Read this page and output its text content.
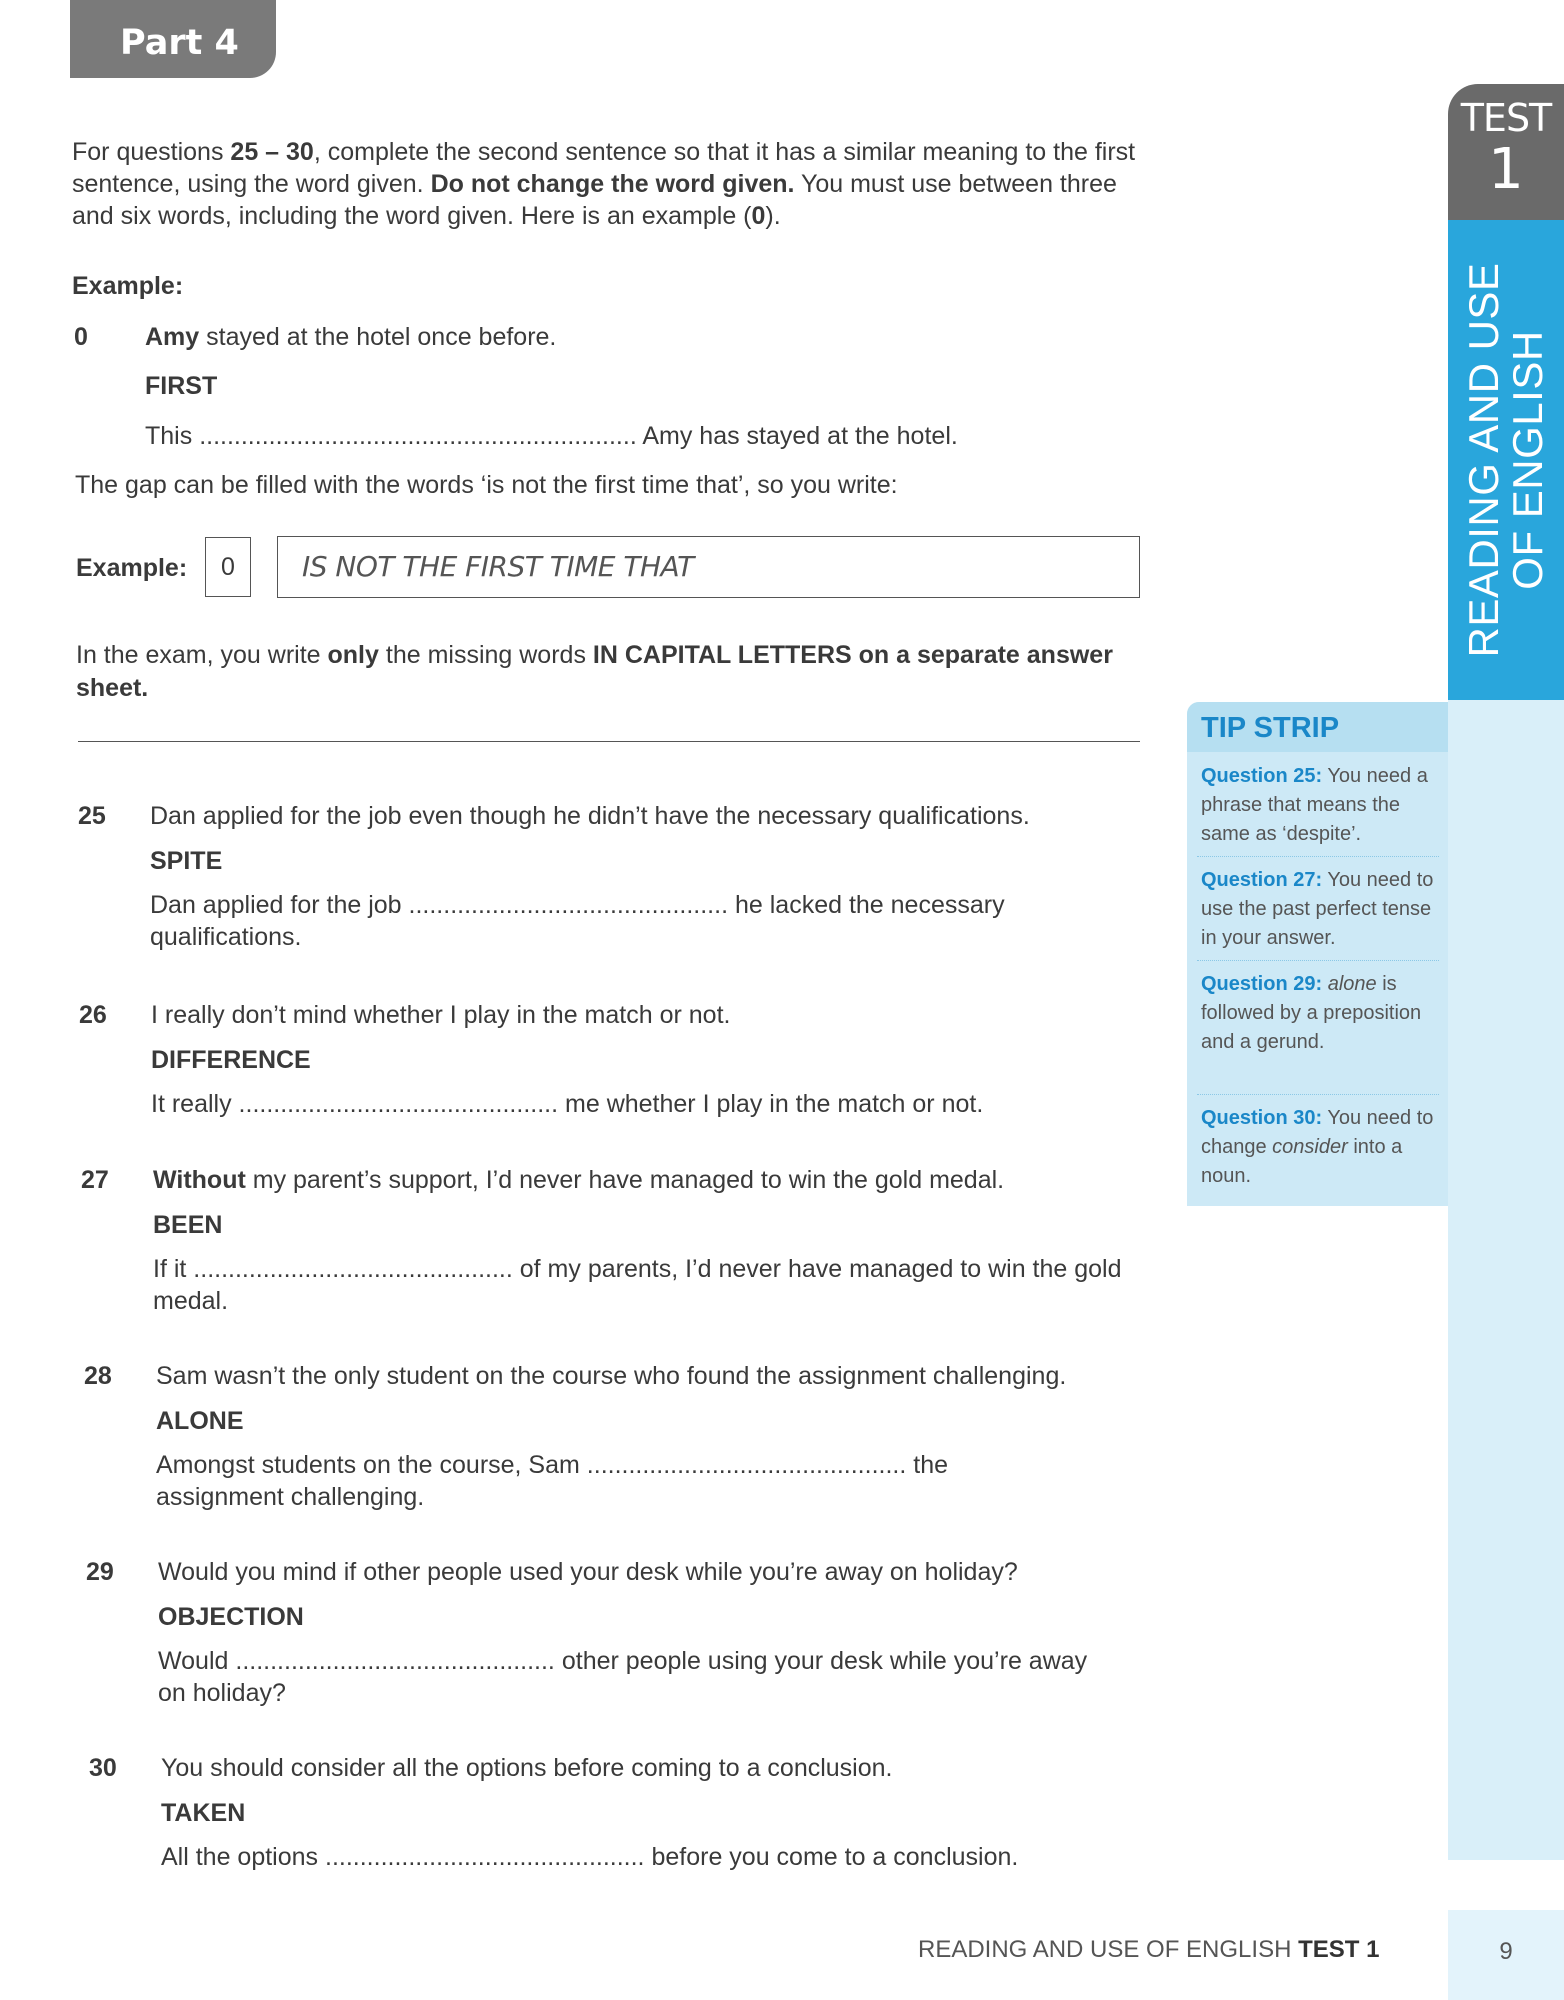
Part 4
For questions 25 – 30, complete the second sentence so that it has a similar meaning to the first sentence, using the word given. Do not change the word given. You must use between three and six words, including the word given. Here is an example (0).
Example:
0 Amy stayed at the hotel once before.
FIRST
This ............................................................... Amy has stayed at the hotel.
The gap can be filled with the words ‘is not the first time that’, so you write:
Example:	0	IS NOT THE FIRST TIME THAT
In the exam, you write only the missing words IN CAPITAL LETTERS on a separate answer sheet.
25 Dan applied for the job even though he didn’t have the necessary qualifications.
SPITE
Dan applied for the job .............................................. he lacked the necessary qualifications.
26 I really don’t mind whether I play in the match or not.
DIFFERENCE
It really .............................................. me whether I play in the match or not.
27 Without my parent’s support, I’d never have managed to win the gold medal.
BEEN
If it .............................................. of my parents, I’d never have managed to win the gold medal.
28 Sam wasn’t the only student on the course who found the assignment challenging.
ALONE
Amongst students on the course, Sam .............................................. the assignment challenging.
29 Would you mind if other people used your desk while you’re away on holiday?
OBJECTION
Would .............................................. other people using your desk while you’re away on holiday?
30 You should consider all the options before coming to a conclusion.
TAKEN
All the options .............................................. before you come to a conclusion.
TEST
1
READING AND USE
OF ENGLISH
TIP STRIP
Question 25: You need a phrase that means the same as ‘despite’.
Question 27: You need to use the past perfect tense in your answer.
Question 29: alone is followed by a preposition and a gerund.
Question 30: You need to change consider into a noun.
READING AND USE OF ENGLISH TEST 1	9
